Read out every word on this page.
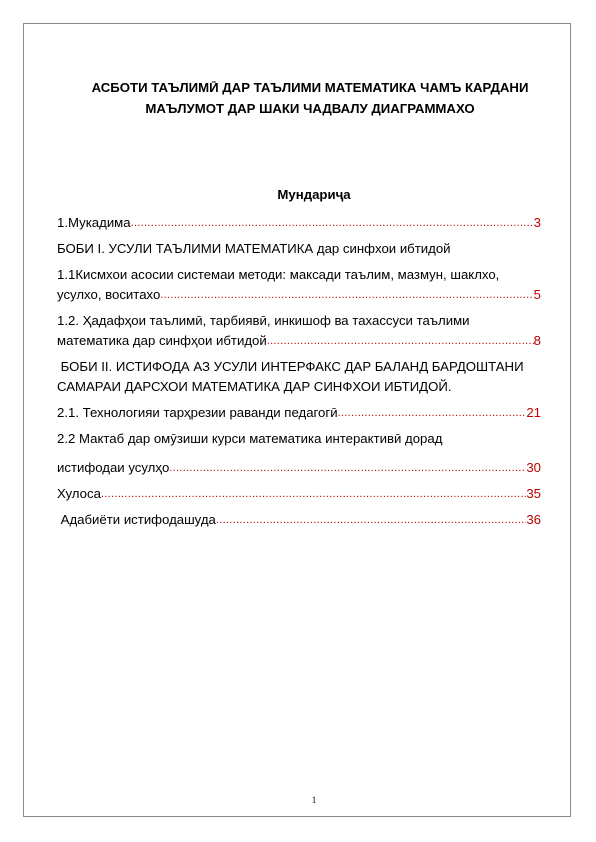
АСБОТИ ТАЪЛИМӢ ДАР ТАЪЛИМИ МАТЕМАТИКА ЧАМЪ КАРДАНИ
МАЪЛУМОТ ДАР ШАКИ ЧАДВАЛУ ДИАГРАММАХО
Мундариҷа
1.Мукадима .....	3
БОБИ І. УСУЛИ ТАЪЛИМИ МАТЕМАТИКА дар синфхои ибтидой
1.1Кисмхои асосии системаи методи: максади таълим, мазмун, шаклхо,
усулхо, воситахо .....	5
1.2. Ҳадафҳои таълимӣ, тарбиявӣ, инкишоф ва тахассуси таълими
математика дар синфҳои ибтидой .....	8
БОБИ ІІ. ИСТИФОДА АЗ УСУЛИ ИНТЕРФАКС ДАР БАЛАНД БАРДОШТАНИ
САМАРАИ ДАРСХОИ МАТЕМАТИКА ДАР СИНФХОИ ИБТИДОЙ.
2.1. Технологияи тарҳрезии раванди педагогӣ .....	21
2.2 Мактаб дар омӯзиши курси математика интерактивӣ дорад
истифодаи усулҳо .....	30
Хулоса .....	35
Адабиёти истифодашуда .....	36
1
